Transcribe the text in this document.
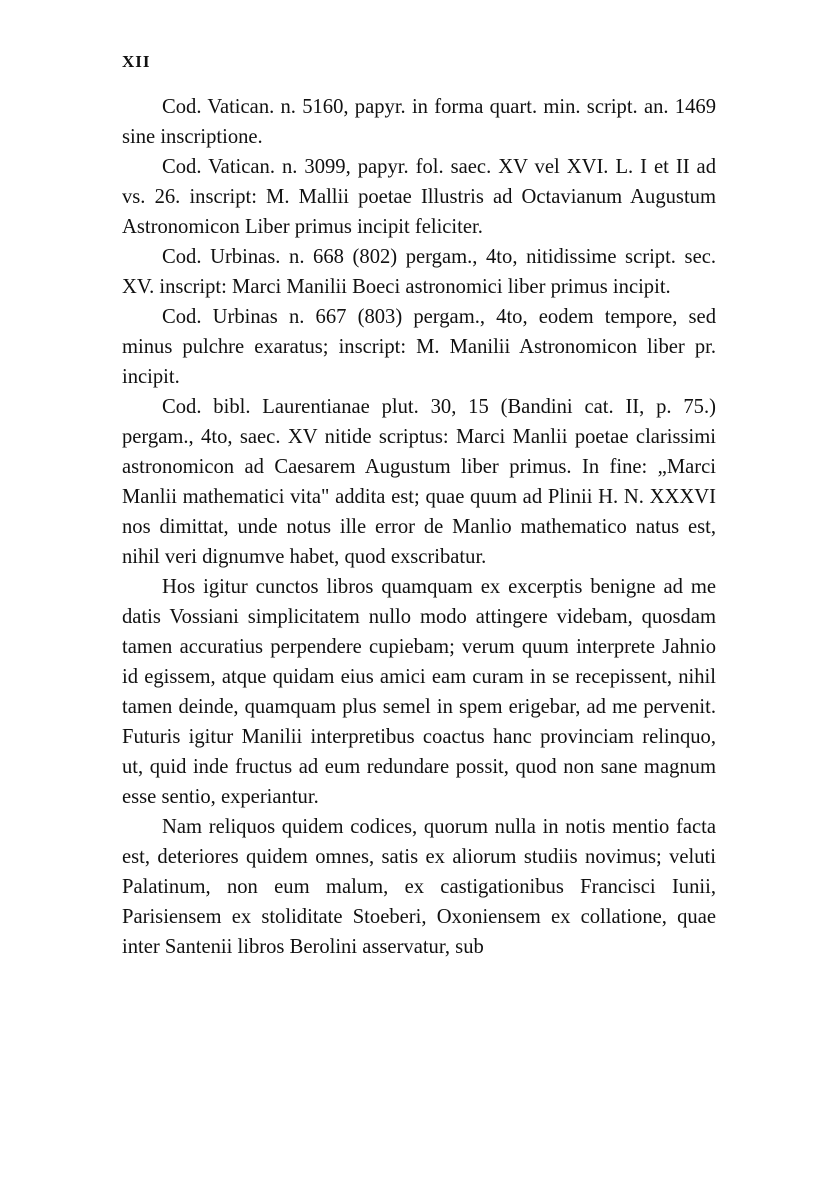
XII

Cod. Vatican. n. 5160, papyr. in forma quart. min. script. an. 1469 sine inscriptione.

Cod. Vatican. n. 3099, papyr. fol. saec. XV vel XVI. L. I et II ad vs. 26. inscript: M. Mallii poetae Illustris ad Octavianum Augustum Astronomicon Liber primus incipit feliciter.

Cod. Urbinas. n. 668 (802) pergam., 4to, nitidissime script. sec. XV. inscript: Marci Manilii Boeci astronomici liber primus incipit.

Cod. Urbinas n. 667 (803) pergam., 4to, eodem tempore, sed minus pulchre exaratus; inscript: M. Manilii Astronomicon liber pr. incipit.

Cod. bibl. Laurentianae plut. 30, 15 (Bandini cat. II, p. 75.) pergam., 4to, saec. XV nitide scriptus: Marci Manlii poetae clarissimi astronomicon ad Caesarem Augustum liber primus. In fine: „Marci Manlii mathematici vita" addita est; quae quum ad Plinii H. N. XXXVI nos dimittat, unde notus ille error de Manlio mathematico natus est, nihil veri dignumve habet, quod exscribatur.

Hos igitur cunctos libros quamquam ex excerptis benigne ad me datis Vossiani simplicitatem nullo modo attingere videbam, quosdam tamen accuratius perpendere cupiebam; verum quum interprete Jahnio id egissem, atque quidam eius amici eam curam in se recepissent, nihil tamen deinde, quamquam plus semel in spem erigebar, ad me pervenit. Futuris igitur Manilii interpretibus coactus hanc provinciam relinquo, ut, quid inde fructus ad eum redundare possit, quod non sane magnum esse sentio, experiantur.

Nam reliquos quidem codices, quorum nulla in notis mentio facta est, deteriores quidem omnes, satis ex aliorum studiis novimus; veluti Palatinum, non eum malum, ex castigationibus Francisci Iunii, Parisiensem ex stoliditate Stoeberi, Oxoniensem ex collatione, quae inter Santenii libros Berolini asservatur, sub
